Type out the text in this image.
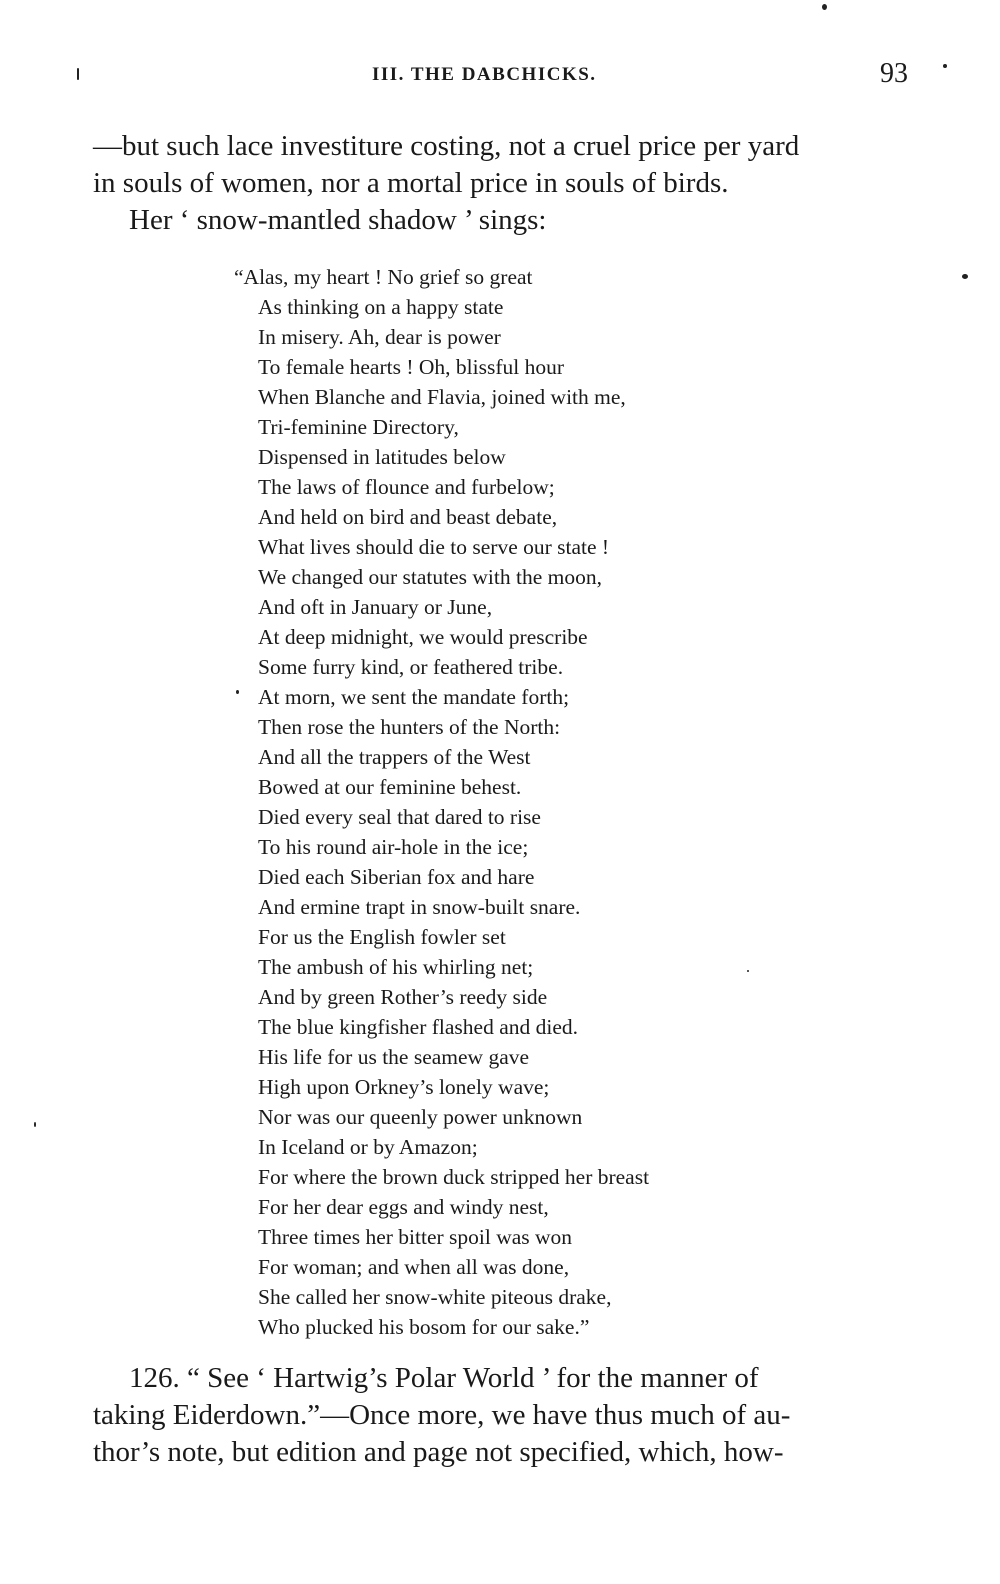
III. THE DABCHICKS.	93
—but such lace investiture costing, not a cruel price per yard
in souls of women, nor a mortal price in souls of birds.
Her ‘ snow-mantled shadow ’ sings:
“Alas, my heart ! No grief so great
As thinking on a happy state
In misery. Ah, dear is power
To female hearts ! Oh, blissful hour
When Blanche and Flavia, joined with me,
Tri-feminine Directory,
Dispensed in latitudes below
The laws of flounce and furbelow;
And held on bird and beast debate,
What lives should die to serve our state !
We changed our statutes with the moon,
And oft in January or June,
At deep midnight, we would prescribe
Some furry kind, or feathered tribe.
At morn, we sent the mandate forth;
Then rose the hunters of the North:
And all the trappers of the West
Bowed at our feminine behest.
Died every seal that dared to rise
To his round air-hole in the ice;
Died each Siberian fox and hare
And ermine trapt in snow-built snare.
For us the English fowler set
The ambush of his whirling net;
And by green Rother’s reedy side
The blue kingfisher flashed and died.
His life for us the seamew gave
High upon Orkney’s lonely wave;
Nor was our queenly power unknown
In Iceland or by Amazon;
For where the brown duck stripped her breast
For her dear eggs and windy nest,
Three times her bitter spoil was won
For woman; and when all was done,
She called her snow-white piteous drake,
Who plucked his bosom for our sake.”
126. “ See ‘ Hartwig’s Polar World ’ for the manner of
taking Eiderdown.”—Once more, we have thus much of au-
thor’s note, but edition and page not specified, which, how-
